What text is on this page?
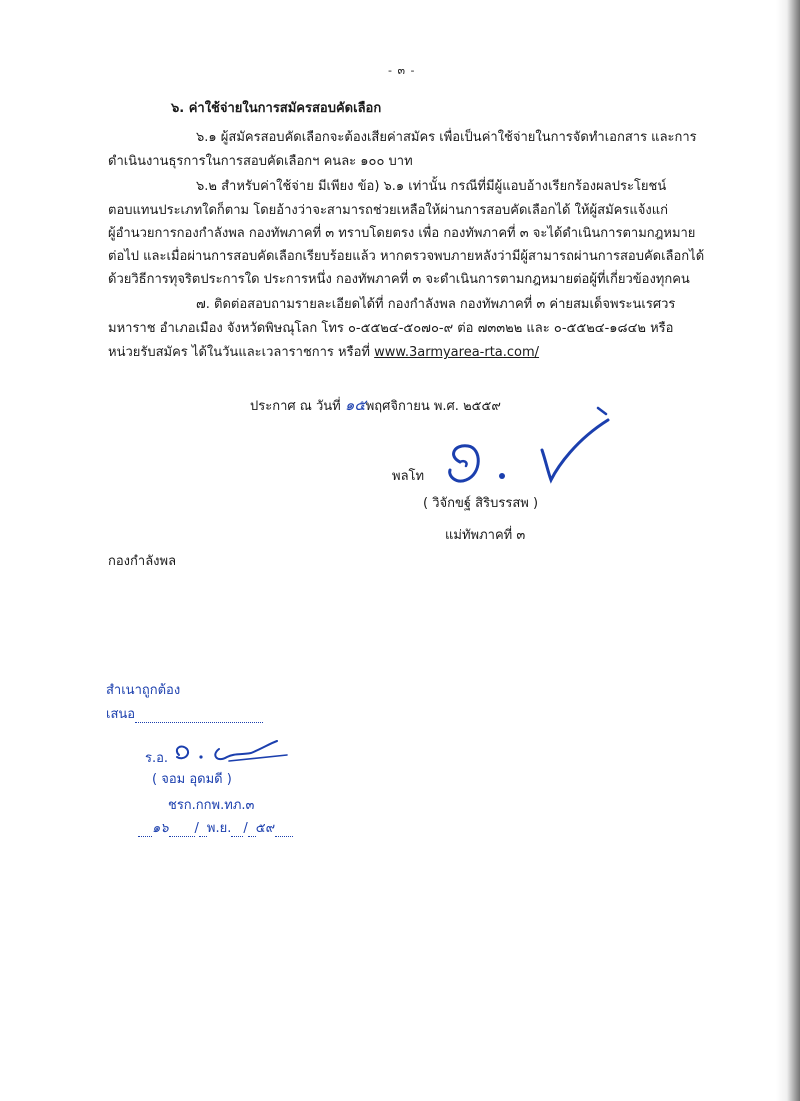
- ๓ -
๖. ค่าใช้จ่ายในการสมัครสอบคัดเลือก
๖.๑ ผู้สมัครสอบคัดเลือกจะต้องเสียค่าสมัคร เพื่อเป็นค่าใช้จ่ายในการจัดทำเอกสาร และการ
ดำเนินงานธุรการในการสอบคัดเลือกฯ คนละ ๑๐๐ บาท
๖.๒ สำหรับค่าใช้จ่าย มีเพียง ข้อ) ๖.๑ เท่านั้น กรณีที่มีผู้แอบอ้างเรียกร้องผลประโยชน์
ตอบแทนประเภทใดก็ตาม โดยอ้างว่าจะสามารถช่วยเหลือให้ผ่านการสอบคัดเลือกได้ ให้ผู้สมัครแจ้งแก่
ผู้อำนวยการกองกำลังพล กองทัพภาคที่ ๓ ทราบโดยตรง เพื่อ กองทัพภาคที่ ๓ จะได้ดำเนินการตามกฎหมาย
ต่อไป และเมื่อผ่านการสอบคัดเลือกเรียบร้อยแล้ว หากตรวจพบภายหลังว่ามีผู้สามารถผ่านการสอบคัดเลือกได้
ด้วยวิธีการทุจริตประการใด ประการหนึ่ง กองทัพภาคที่ ๓ จะดำเนินการตามกฎหมายต่อผู้ที่เกี่ยวข้องทุกคน
๗. ติดต่อสอบถามรายละเอียดได้ที่ กองกำลังพล กองทัพภาคที่ ๓ ค่ายสมเด็จพระนเรศวร
มหาราช อำเภอเมือง จังหวัดพิษณุโลก โทร ๐-๕๕๒๔-๕๐๗๐-๙ ต่อ ๗๓๓๒๒ และ ๐-๕๕๒๔-๑๘๔๒ หรือ
หน่วยรับสมัคร ได้ในวันและเวลาราชการ หรือที่ www.3armyarea-rta.com/
ประกาศ ณ วันที่ ๑๕พฤศจิกายน พ.ศ. ๒๕๕๙
พลโท
( วิจักขฐ์ สิริบรรสพ )
แม่ทัพภาคที่ ๓
กองกำลังพล
สำเนาถูกต้อง
เสนอ
ร.อ.
( จอม อุดมดี )
ชรก.กกพ.ทภ.๓
๑๖ / พ.ย. / ๕๙
